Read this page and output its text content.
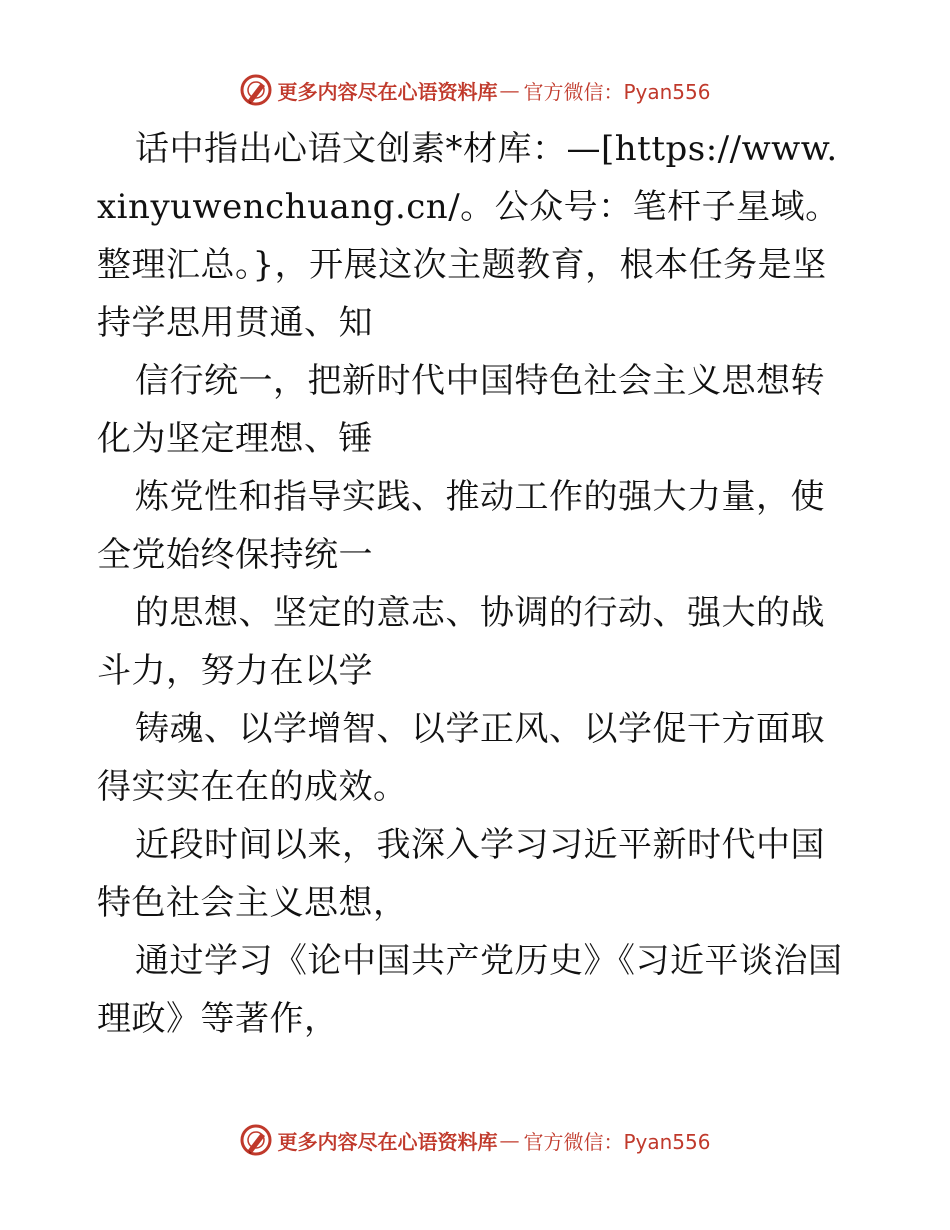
更多内容尽在心语资料库 — 官方微信：Pyan556

话中指出心语文创素*材库：—[https://www.xinyuwenchuang.cn/。公众号：笔杆子星域。整理汇总。}，开展这次主题教育，根本任务是坚持学思用贯通、知

信行统一，把新时代中国特色社会主义思想转化为坚定理想、锤

炼党性和指导实践、推动工作的强大力量，使全党始终保持统一

的思想、坚定的意志、协调的行动、强大的战斗力，努力在以学

铸魂、以学增智、以学正风、以学促干方面取得实实在在的成效。

近段时间以来，我深入学习习近平新时代中国特色社会主义思想，

通过学习《论中国共产党历史》《习近平谈治国理政》等著作，

更多内容尽在心语资料库 — 官方微信：Pyan556
